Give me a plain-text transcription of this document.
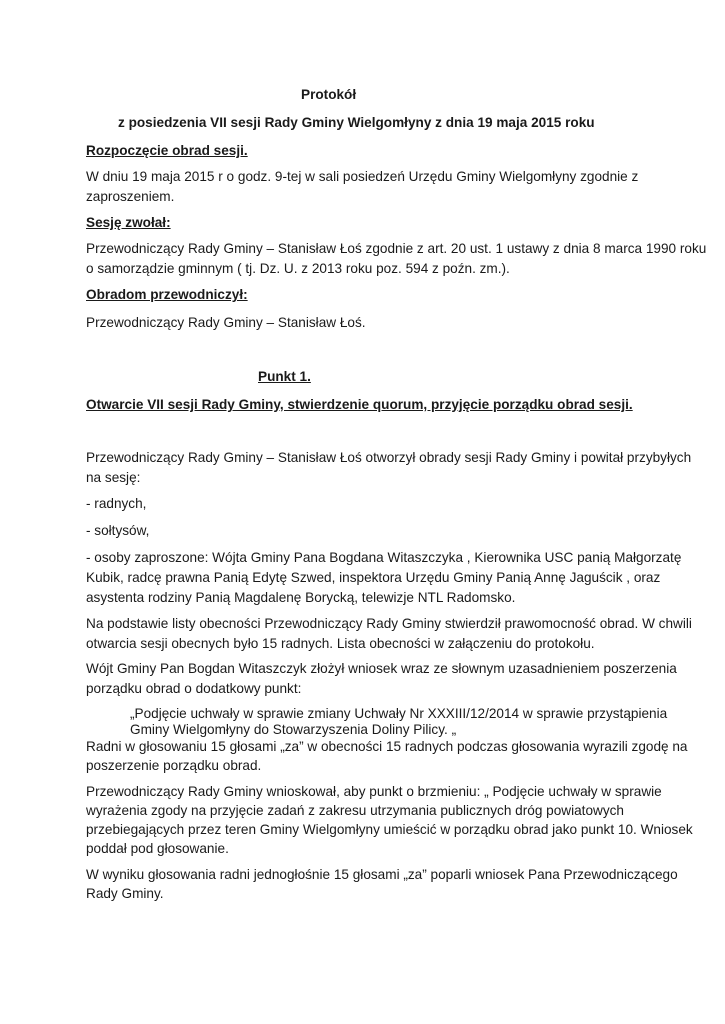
Protokół

z posiedzenia VII sesji Rady Gminy Wielgomłyny z dnia 19 maja 2015 roku

Rozpoczęcie obrad sesji.

W dniu 19 maja 2015 r o godz. 9-tej w sali posiedzeń Urzędu Gminy Wielgomłyny zgodnie z

zaproszeniem.

Sesję zwołał:

Przewodniczący Rady Gminy – Stanisław Łoś zgodnie z art. 20 ust. 1 ustawy z dnia 8 marca 1990 roku

o samorządzie gminnym ( tj. Dz. U. z 2013 roku poz. 594 z poźn. zm.).

Obradom przewodniczył:

Przewodniczący Rady Gminy – Stanisław Łoś.

Punkt 1.

Otwarcie VII sesji Rady Gminy, stwierdzenie quorum, przyjęcie porządku obrad sesji.

Przewodniczący Rady Gminy – Stanisław Łoś otworzył obrady sesji Rady Gminy i powitał przybyłych

na sesję:

- radnych,

- sołtysów,

- osoby zaproszone: Wójta Gminy Pana Bogdana Witaszczyka , Kierownika USC panią Małgorzatę

Kubik, radcę prawna Panią Edytę Szwed, inspektora Urzędu Gminy Panią Annę Jaguścik , oraz

asystenta rodziny Panią Magdalenę Borycką, telewizje NTL Radomsko.

Na podstawie listy obecności Przewodniczący Rady Gminy stwierdził prawomocność obrad. W chwili

otwarcia sesji obecnych było 15 radnych. Lista obecności w załączeniu do protokołu.

Wójt Gminy Pan Bogdan Witaszczyk złożył wniosek wraz ze słownym uzasadnieniem poszerzenia

porządku obrad o dodatkowy punkt:

„Podjęcie uchwały w sprawie zmiany Uchwały Nr XXXIII/12/2014 w sprawie przystąpienia

Gminy Wielgomłyny do Stowarzyszenia Doliny Pilicy. „

Radni w głosowaniu 15 głosami „za” w obecności 15 radnych podczas głosowania wyrazili zgodę na

poszerzenie porządku obrad.

Przewodniczący Rady Gminy wnioskował, aby punkt o brzmieniu: „ Podjęcie uchwały w sprawie

wyrażenia zgody na przyjęcie zadań z zakresu utrzymania publicznych dróg powiatowych

przebiegających przez teren Gminy Wielgomłyny umieścić w porządku obrad jako punkt 10. Wniosek

poddał pod głosowanie.

W wyniku głosowania radni jednogłośnie 15 głosami „za” poparli wniosek Pana Przewodniczącego

Rady Gminy.
